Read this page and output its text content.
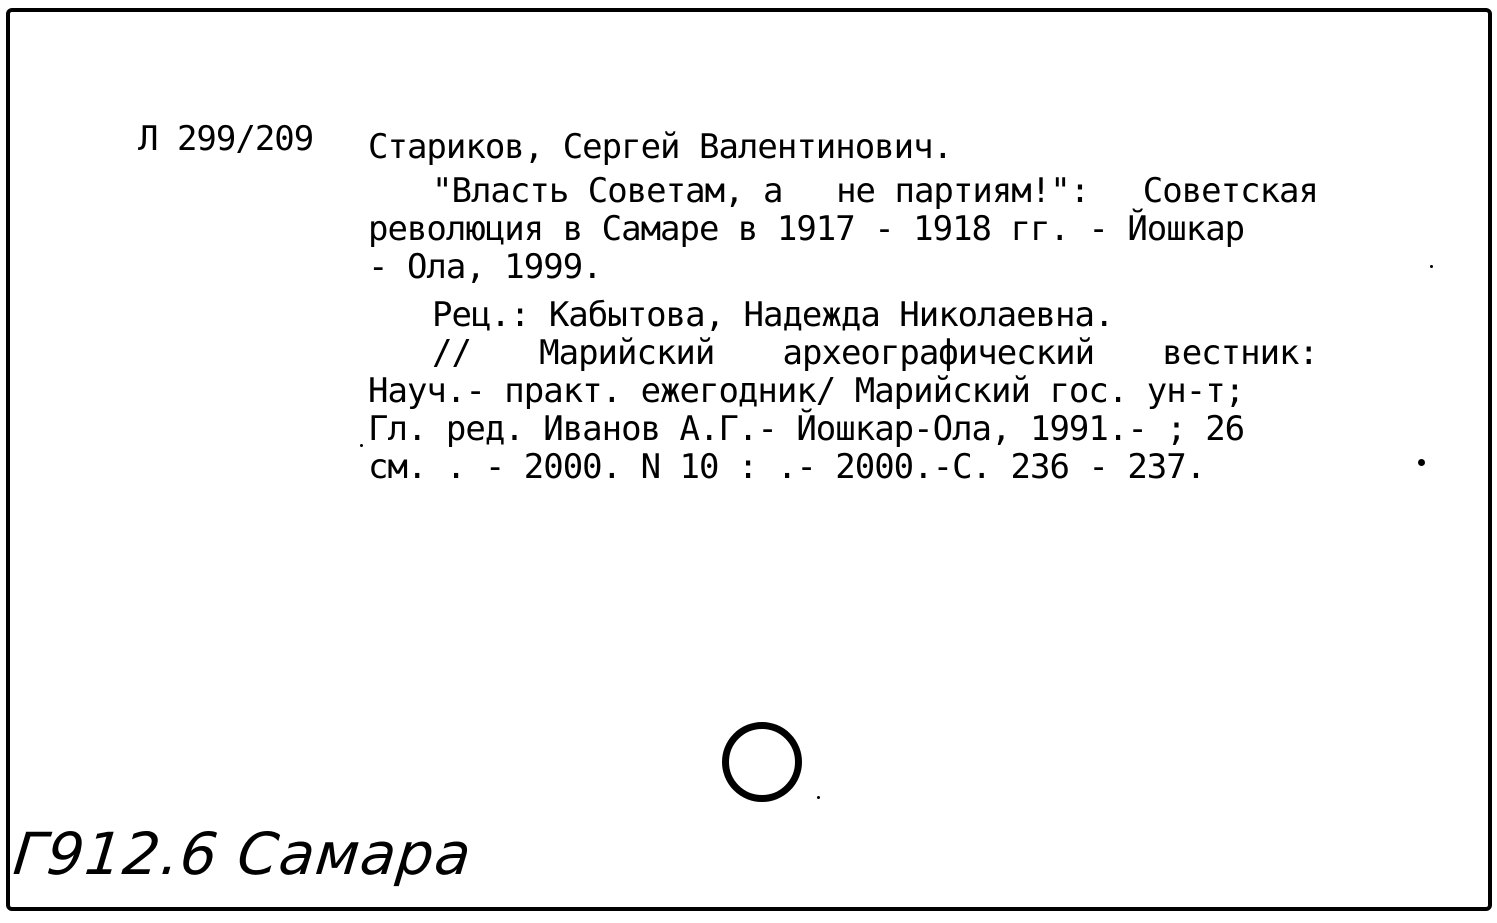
Л 299/209 Стариков, Сергей Валентинович.
"Власть Советам, а не партиям!": Советская
революция в Самаре в 1917 - 1918 гг. - Йошкар
- Ола, 1999.
Рец.: Кабытова, Надежда Николаевна.
// Марийский археографический вестник:
Науч.- практ. ежегодник/ Марийский гос. ун-т;
Гл. ред. Иванов А.Г.- Йошкар-Ола, 1991.- ; 26
см. . - 2000. N 10 : .- 2000.-С. 236 - 237.
Г912.6 Самара
